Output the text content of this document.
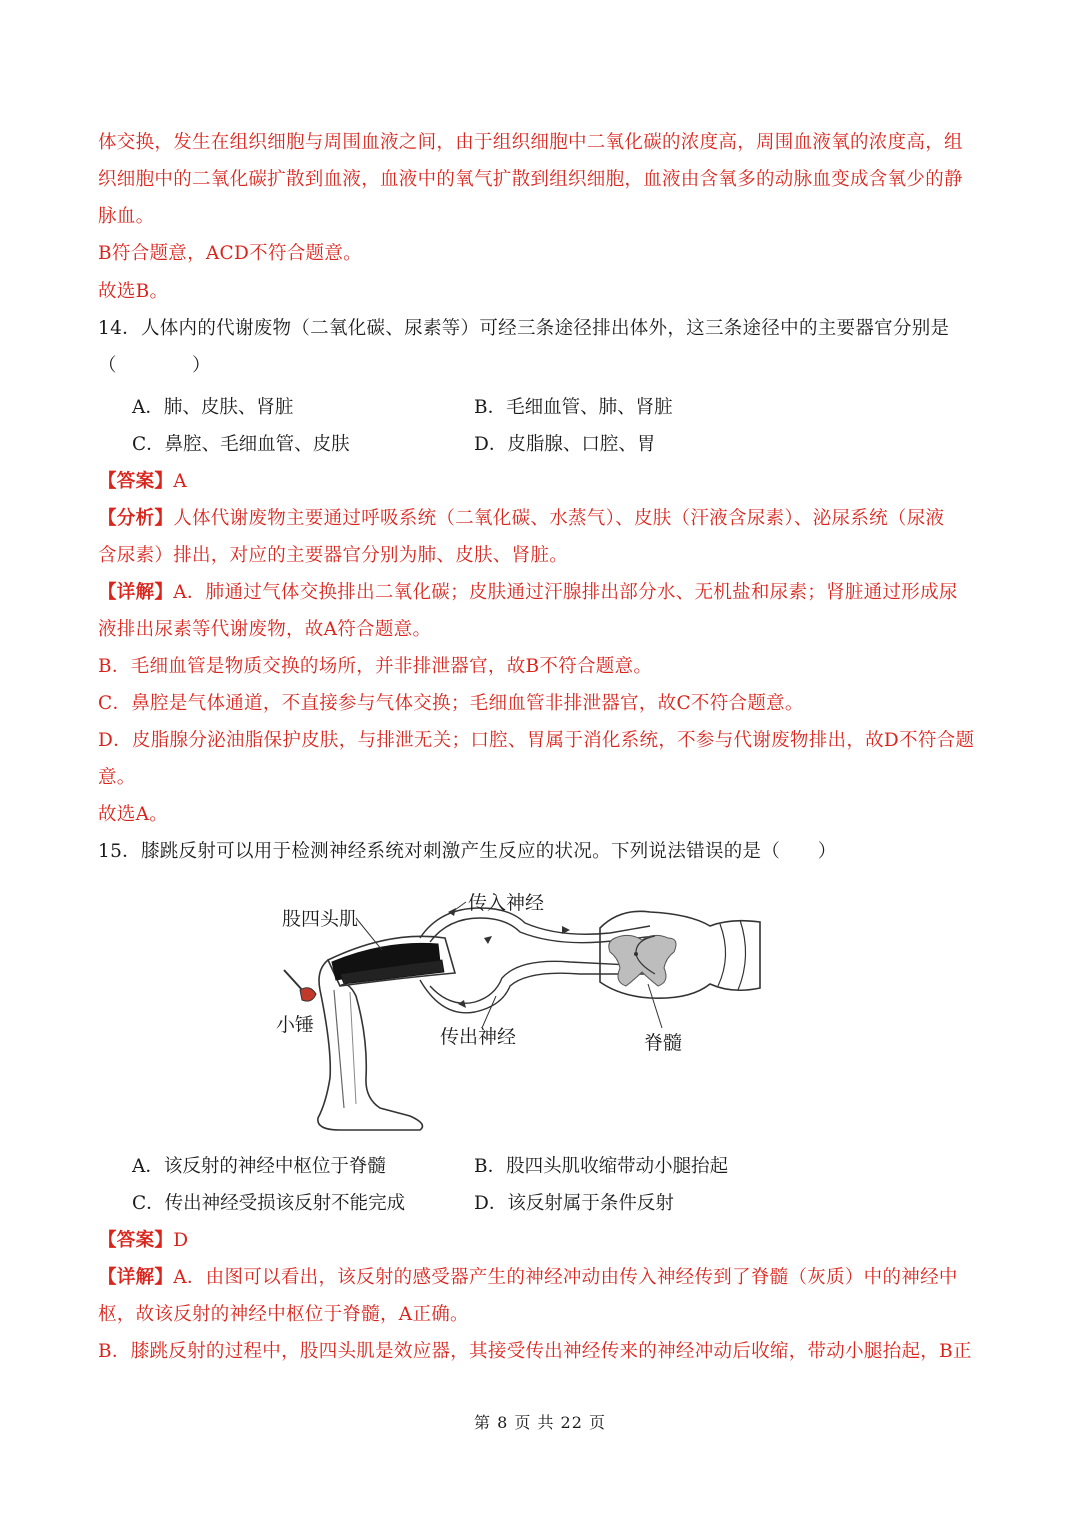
体交换，发生在组织细胞与周围血液之间，由于组织细胞中二氧化碳的浓度高，周围血液氧的浓度高，组
织细胞中的二氧化碳扩散到血液，血液中的氧气扩散到组织细胞，血液由含氧多的动脉血变成含氧少的静
脉血。
B符合题意，ACD不符合题意。
故选B。
14．人体内的代谢废物（二氧化碳、尿素等）可经三条途径排出体外，这三条途径中的主要器官分别是
（　　　　）
A．肺、皮肤、肾脏	B．毛细血管、肺、肾脏
C．鼻腔、毛细血管、皮肤	D．皮脂腺、口腔、胃
【答案】A
【分析】人体代谢废物主要通过呼吸系统（二氧化碳、水蒸气）、皮肤（汗液含尿素）、泌尿系统（尿液
含尿素）排出，对应的主要器官分别为肺、皮肤、肾脏。
【详解】A．肺通过气体交换排出二氧化碳；皮肤通过汗腺排出部分水、无机盐和尿素；肾脏通过形成尿
液排出尿素等代谢废物，故A符合题意。
B．毛细血管是物质交换的场所，并非排泄器官，故B不符合题意。
C．鼻腔是气体通道，不直接参与气体交换；毛细血管非排泄器官，故C不符合题意。
D．皮脂腺分泌油脂保护皮肤，与排泄无关；口腔、胃属于消化系统，不参与代谢废物排出，故D不符合题
意。
故选A。
15．膝跳反射可以用于检测神经系统对刺激产生反应的状况。下列说法错误的是（　　）
股四头肌
传入神经
小锤
传出神经	脊髓
A．该反射的神经中枢位于脊髓	B．股四头肌收缩带动小腿抬起
C．传出神经受损该反射不能完成	D．该反射属于条件反射
【答案】D
【详解】A．由图可以看出，该反射的感受器产生的神经冲动由传入神经传到了脊髓（灰质）中的神经中
枢，故该反射的神经中枢位于脊髓，A正确。
B．膝跳反射的过程中，股四头肌是效应器，其接受传出神经传来的神经冲动后收缩，带动小腿抬起，B正
第 8 页 共 22 页
